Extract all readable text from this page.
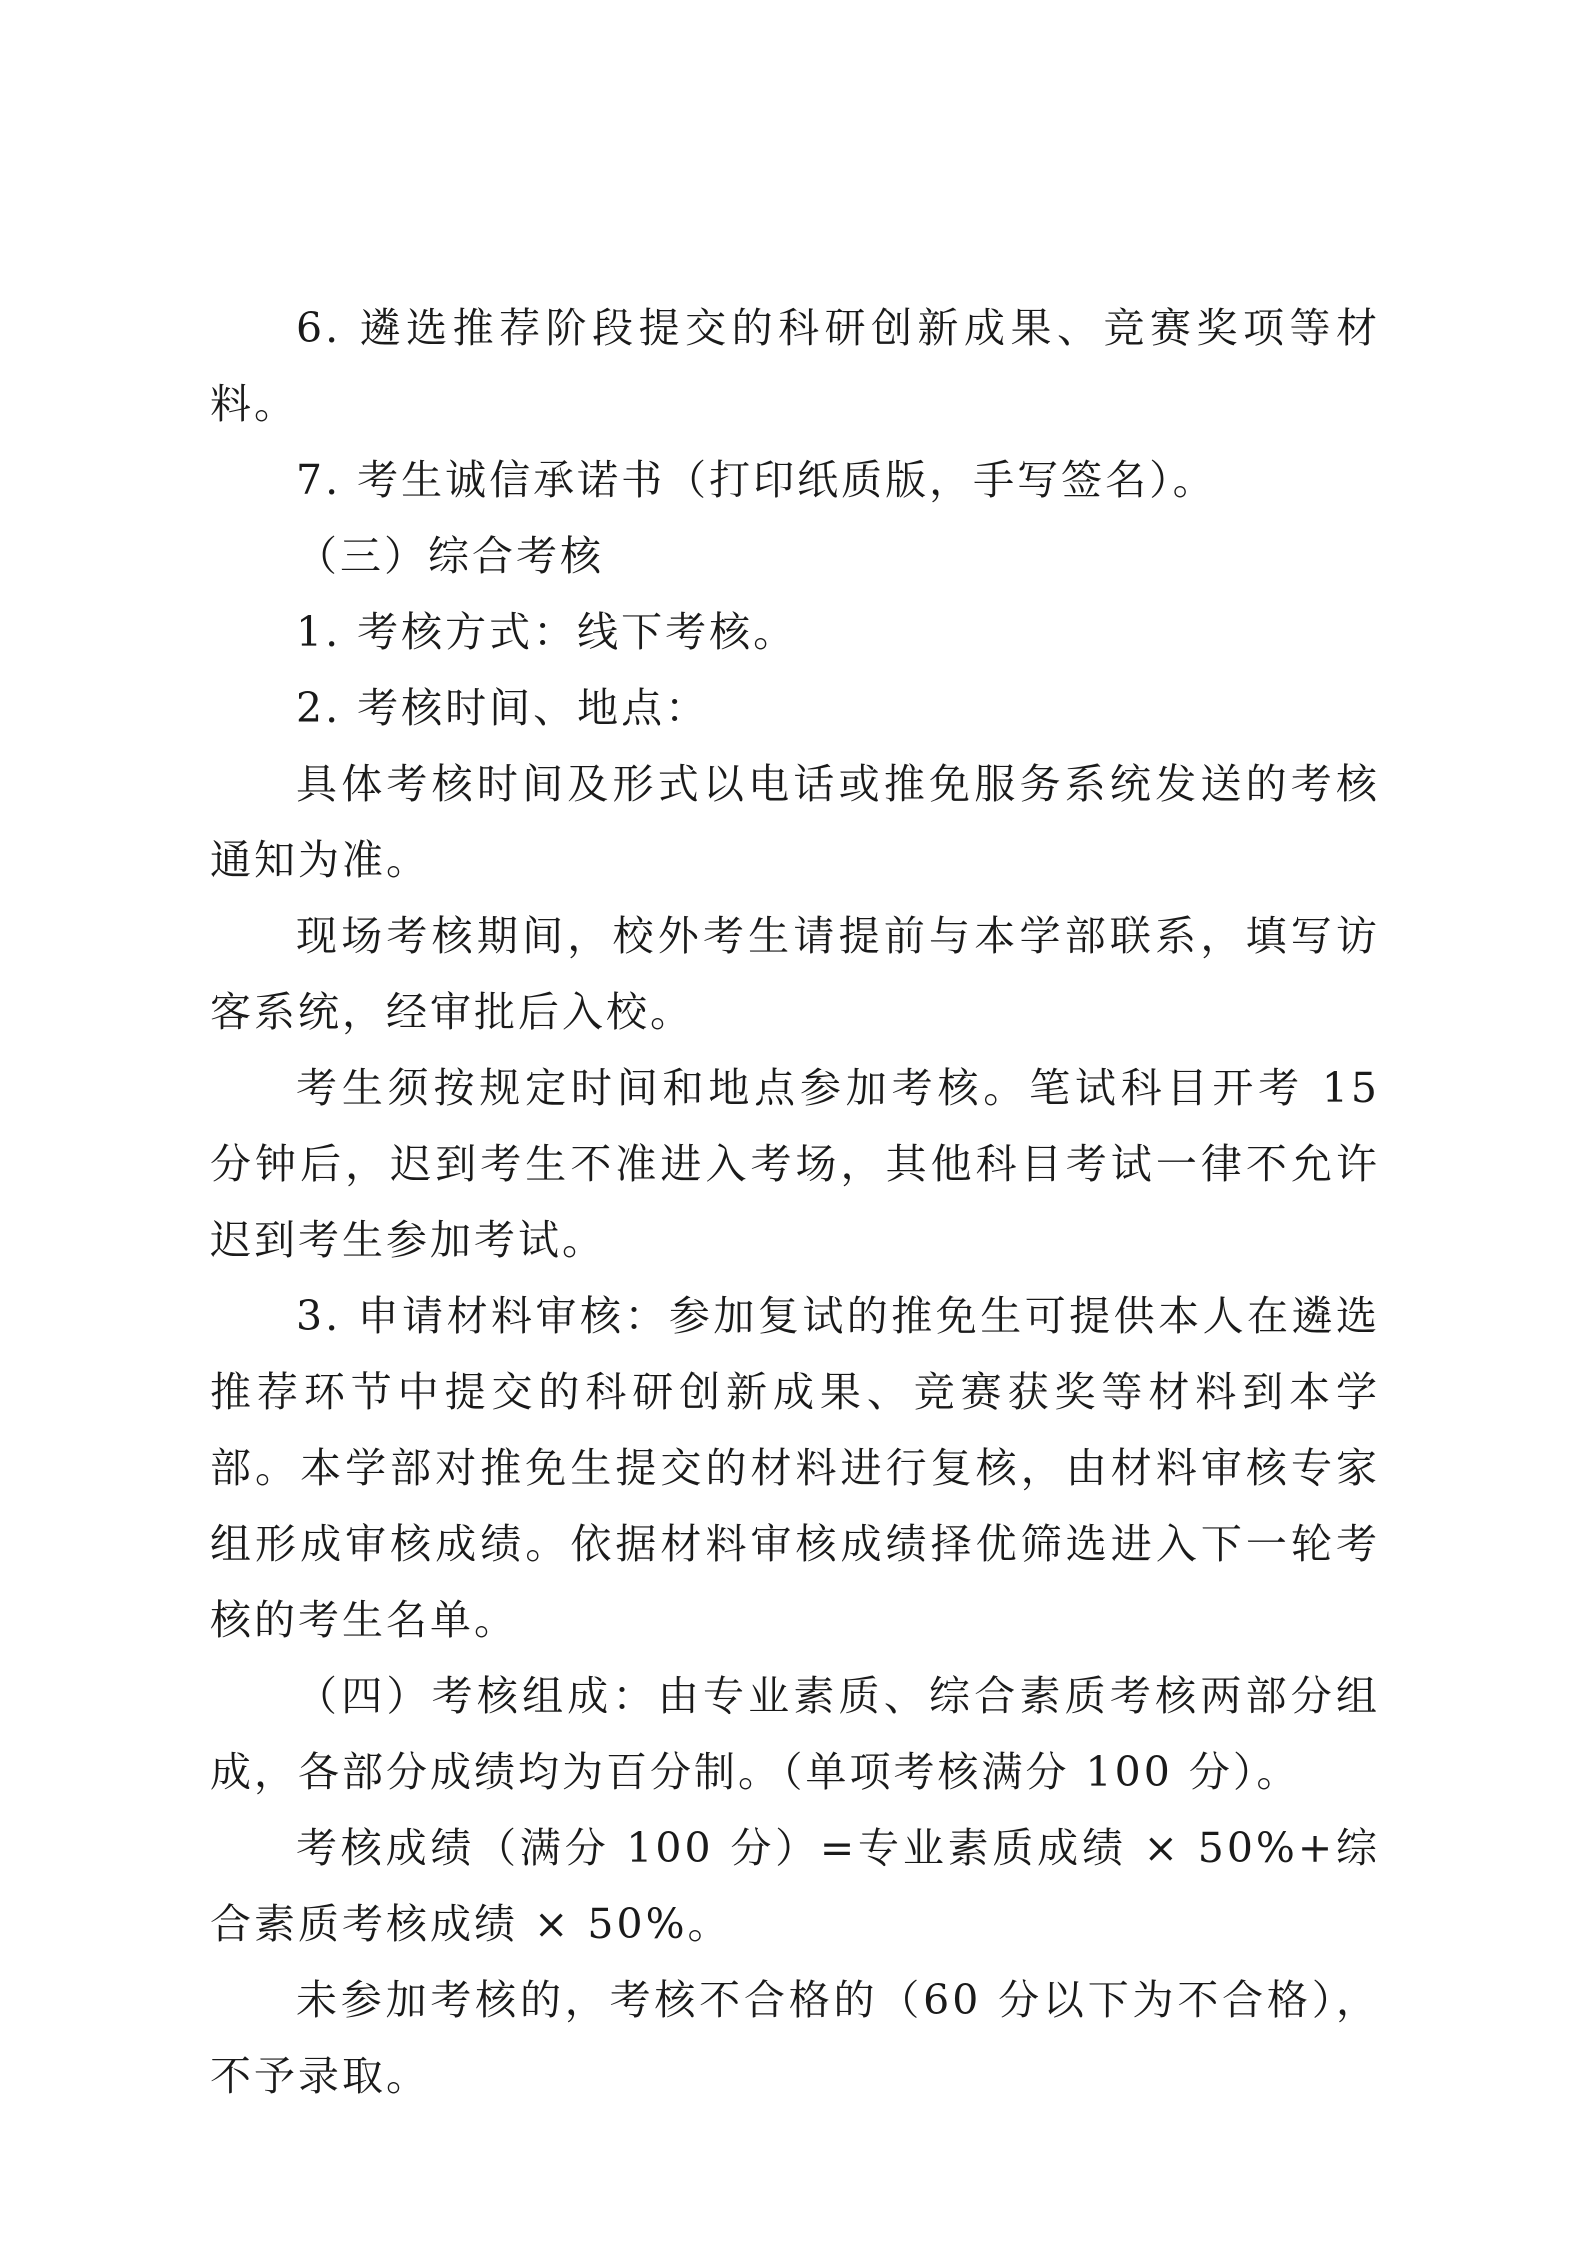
6. 遴选推荐阶段提交的科研创新成果、竞赛奖项等材料。

7. 考生诚信承诺书（打印纸质版，手写签名）。

（三）综合考核

1. 考核方式：线下考核。

2. 考核时间、地点：

具体考核时间及形式以电话或推免服务系统发送的考核通知为准。

现场考核期间，校外考生请提前与本学部联系，填写访客系统，经审批后入校。

考生须按规定时间和地点参加考核。笔试科目开考 15 分钟后，迟到考生不准进入考场，其他科目考试一律不允许迟到考生参加考试。

3. 申请材料审核：参加复试的推免生可提供本人在遴选推荐环节中提交的科研创新成果、竞赛获奖等材料到本学部。本学部对推免生提交的材料进行复核，由材料审核专家组形成审核成绩。依据材料审核成绩择优筛选进入下一轮考核的考生名单。

（四）考核组成：由专业素质、综合素质考核两部分组成，各部分成绩均为百分制。（单项考核满分 100 分）。

考核成绩（满分 100 分）=专业素质成绩 × 50%+综合素质考核成绩 × 50%。

未参加考核的，考核不合格的（60 分以下为不合格），不予录取。
